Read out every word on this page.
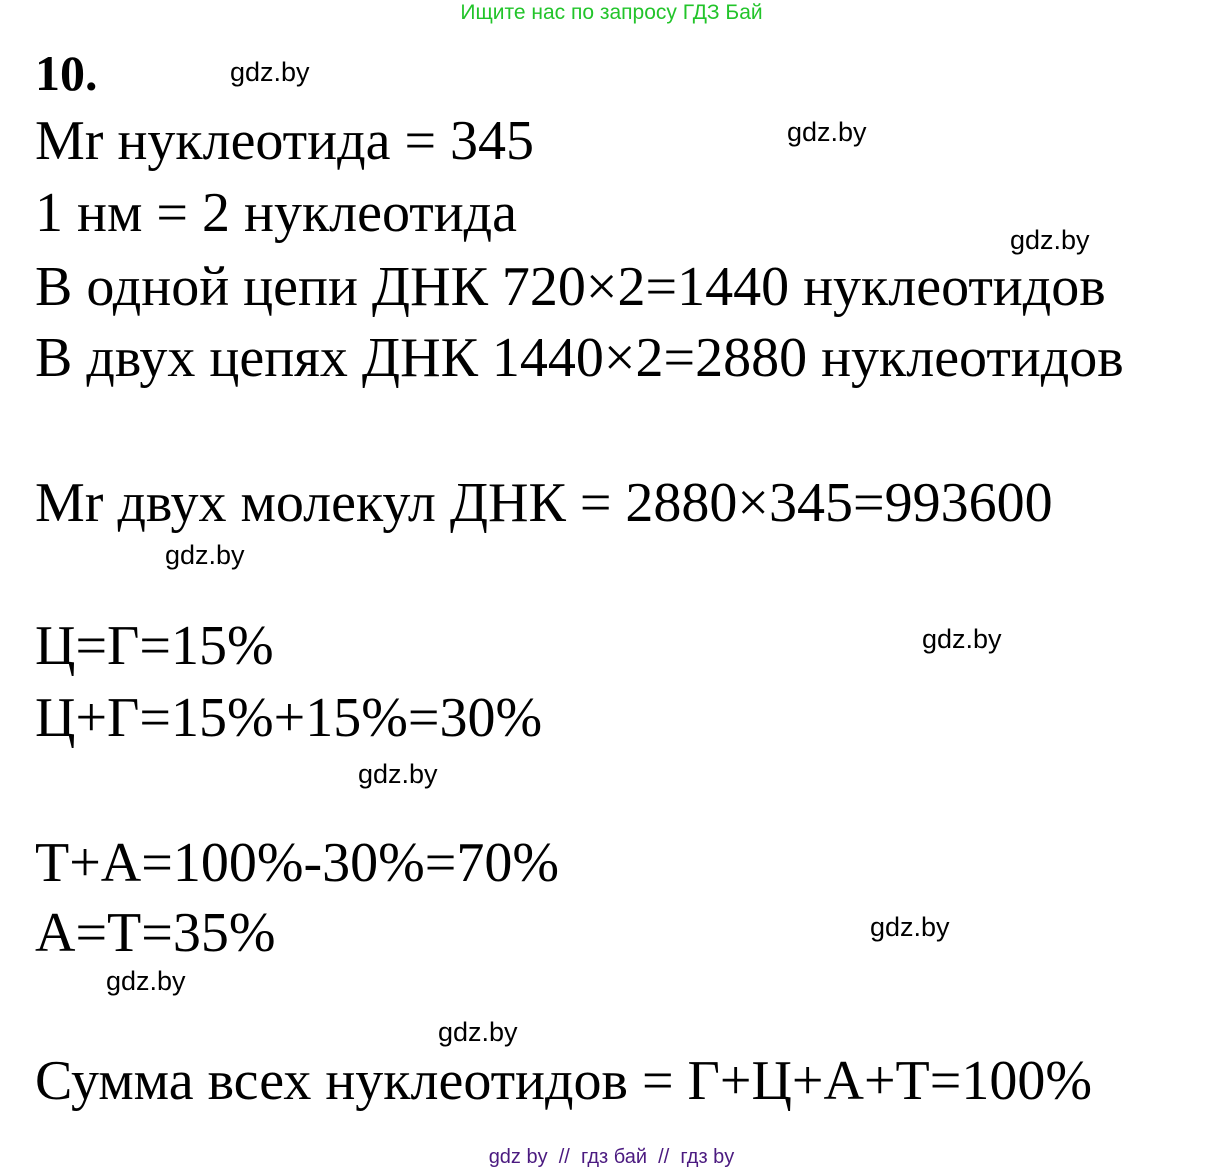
Ищите нас по запросу ГДЗ Бай
10.
Mr нуклеотида = 345
1 нм = 2 нуклеотида
В одной цепи ДНК 720×2=1440 нуклеотидов
В двух цепях ДНК 1440×2=2880 нуклеотидов
Mr двух молекул ДНК = 2880×345=993600
Ц=Г=15%
Ц+Г=15%+15%=30%
Т+А=100%-30%=70%
А=Т=35%
Сумма всех нуклеотидов = Г+Ц+А+Т=100%
gdz.by
gdz.by
gdz.by
gdz.by
gdz.by
gdz.by
gdz.by
gdz.by
gdz.by
gdz by  //  гдз бай  //  гдз by
